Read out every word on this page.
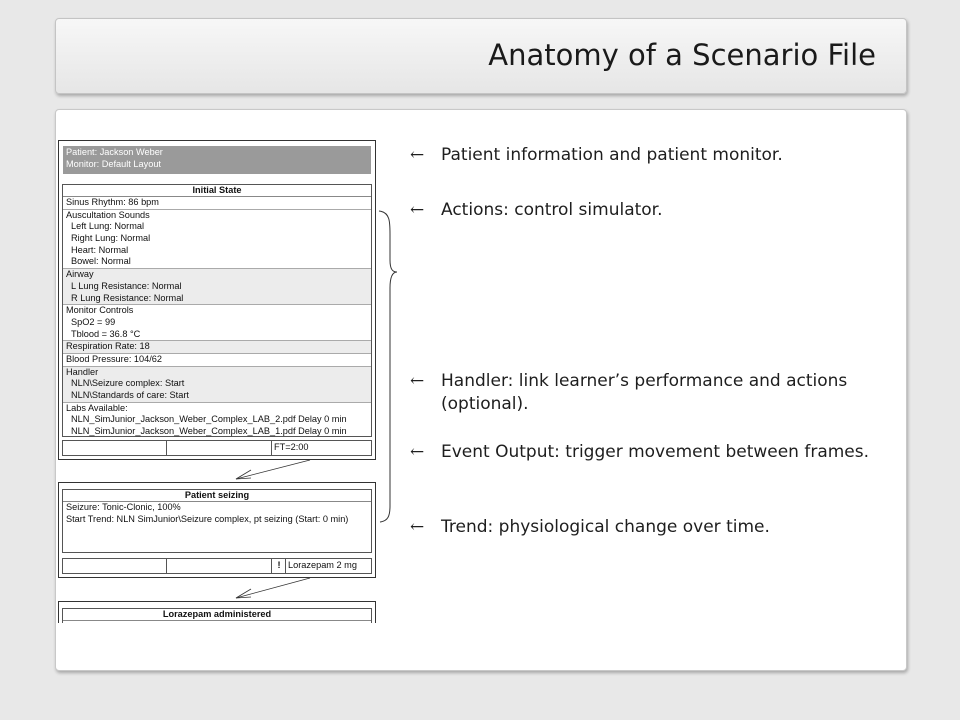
Anatomy of a Scenario File
Patient: Jackson Weber
Monitor: Default Layout
Initial State
Sinus Rhythm: 86 bpm
Auscultation Sounds
Left Lung: Normal
Right Lung: Normal
Heart: Normal
Bowel: Normal
Airway
L Lung Resistance: Normal
R Lung Resistance: Normal
Monitor Controls
SpO2 = 99
Tblood = 36.8 °C
Respiration Rate: 18
Blood Pressure: 104/62
Handler
NLN\Seizure complex: Start
NLN\Standards of care: Start
Labs Available:
NLN_SimJunior_Jackson_Weber_Complex_LAB_2.pdf Delay 0 min
NLN_SimJunior_Jackson_Weber_Complex_LAB_1.pdf Delay 0 min
FT=2:00
Patient seizing
Seizure: Tonic-Clonic, 100%
Start Trend: NLN SimJunior\Seizure complex, pt seizing (Start: 0 min)
! Lorazepam 2 mg
Lorazepam administered
← Patient information and patient monitor.
← Actions: control simulator.
← Handler: link learner’s performance and actions (optional).
← Event Output: trigger movement between frames.
← Trend: physiological change over time.
